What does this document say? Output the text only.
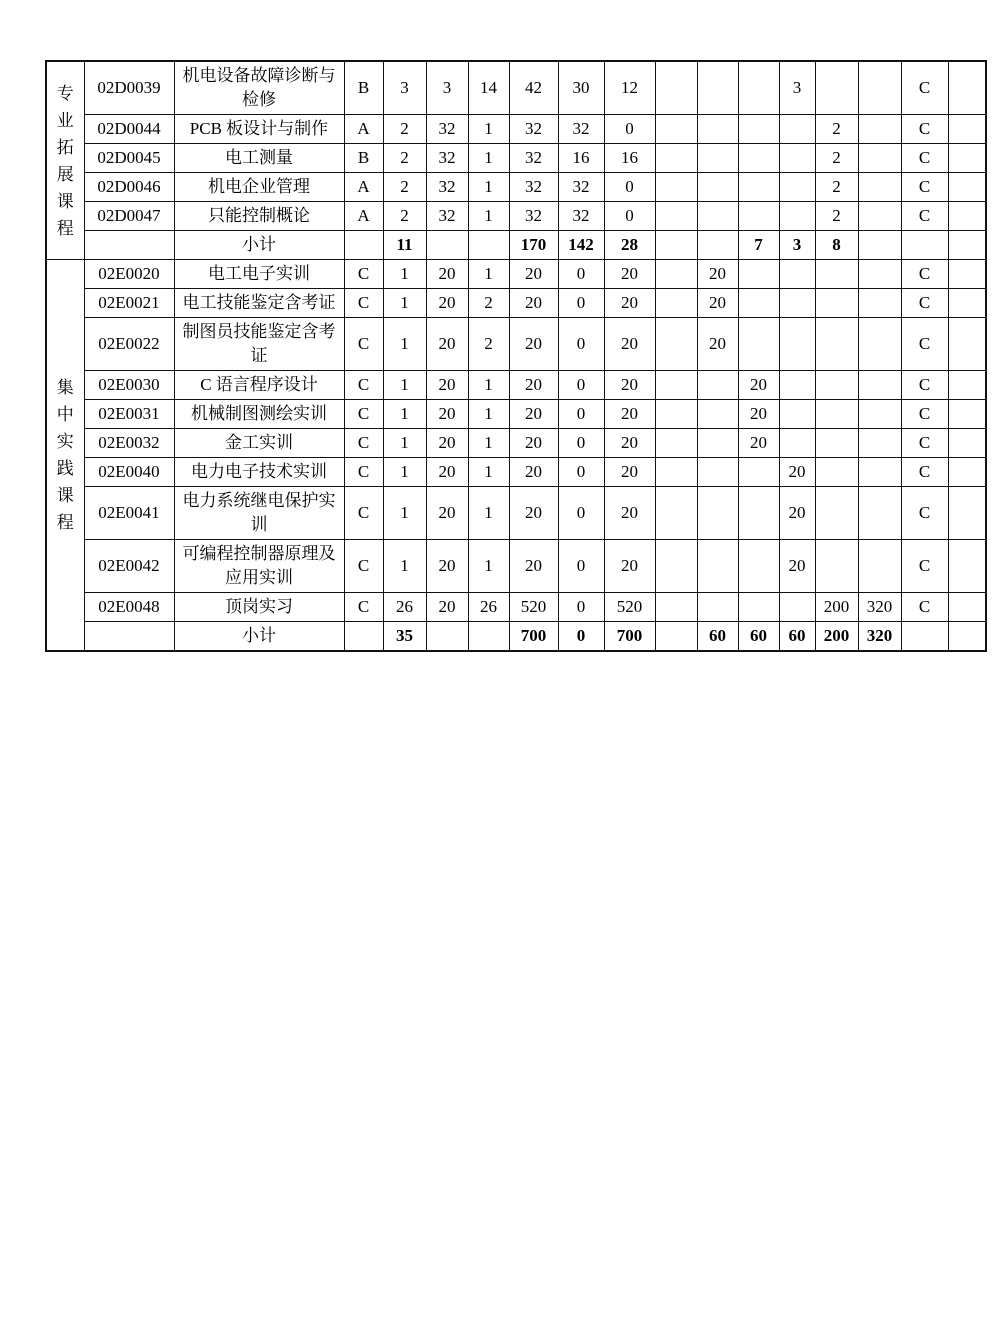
专
业
拓
展
课
程
	02D0039	机电设备故障诊断与检修	B	3	3	14	42	30	12				3			C	
	02D0044	PCB 板设计与制作	A	2	32	1	32	32	0					2		C	
	02D0045	电工测量	B	2	32	1	32	16	16					2		C	
	02D0046	机电企业管理	A	2	32	1	32	32	0					2		C	
	02D0047	只能控制概论	A	2	32	1	32	32	0					2		C	
		小计		11			170	142	28			7	3	8			

集
中
实
践
课
程
	02E0020	电工电子实训	C	1	20	1	20	0	20		20					C	
	02E0021	电工技能鉴定含考证	C	1	20	2	20	0	20		20					C	
	02E0022	制图员技能鉴定含考证	C	1	20	2	20	0	20		20					C	
	02E0030	C 语言程序设计	C	1	20	1	20	0	20			20				C	
	02E0031	机械制图测绘实训	C	1	20	1	20	0	20			20				C	
	02E0032	金工实训	C	1	20	1	20	0	20			20				C	
	02E0040	电力电子技术实训	C	1	20	1	20	0	20				20			C	
	02E0041	电力系统继电保护实训	C	1	20	1	20	0	20				20			C	
	02E0042	可编程控制器原理及应用实训	C	1	20	1	20	0	20				20			C	
	02E0048	顶岗实习	C	26	20	26	520	0	520					200	320	C	
		小计		35			700	0	700		60	60	60	200	320		
